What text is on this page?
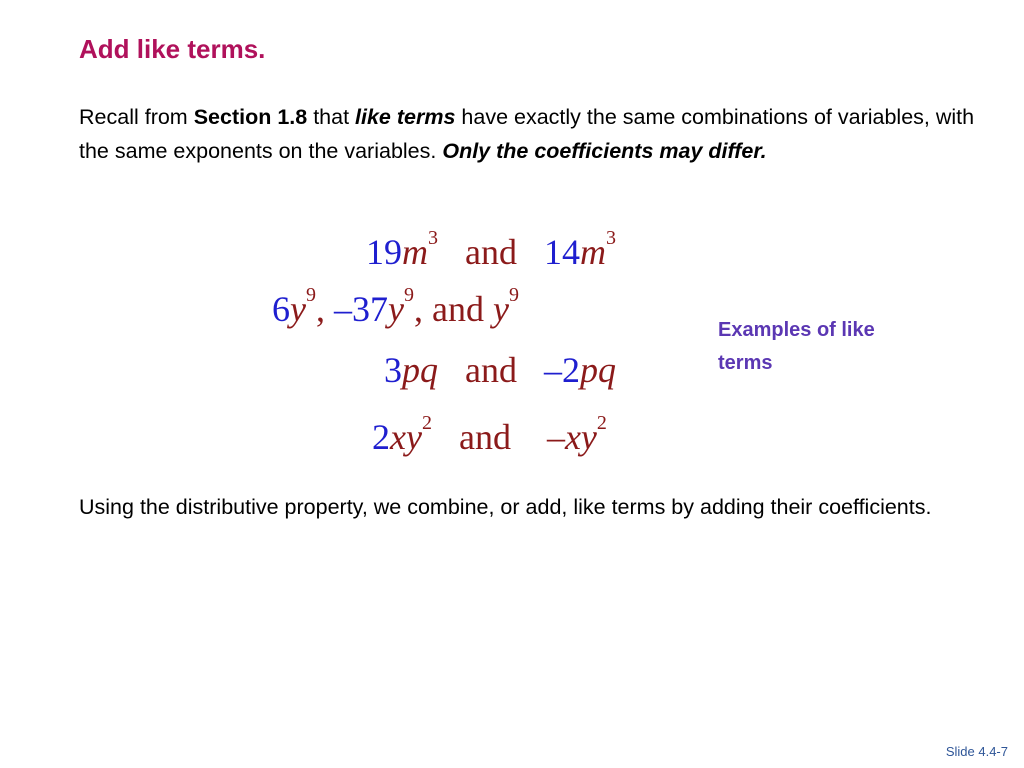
Add like terms.
Recall from Section 1.8 that like terms have exactly the same combinations of variables, with the same exponents on the variables. Only the coefficients may differ.
$19m^3$ and $14m^3$
$6y^9$, $-37y^9$, and $y^9$
3pq and –2pq
$2xy^2$ and $-xy^2$
Examples of like terms
Using the distributive property, we combine, or add, like terms by adding their coefficients.
Slide 4.4-7
